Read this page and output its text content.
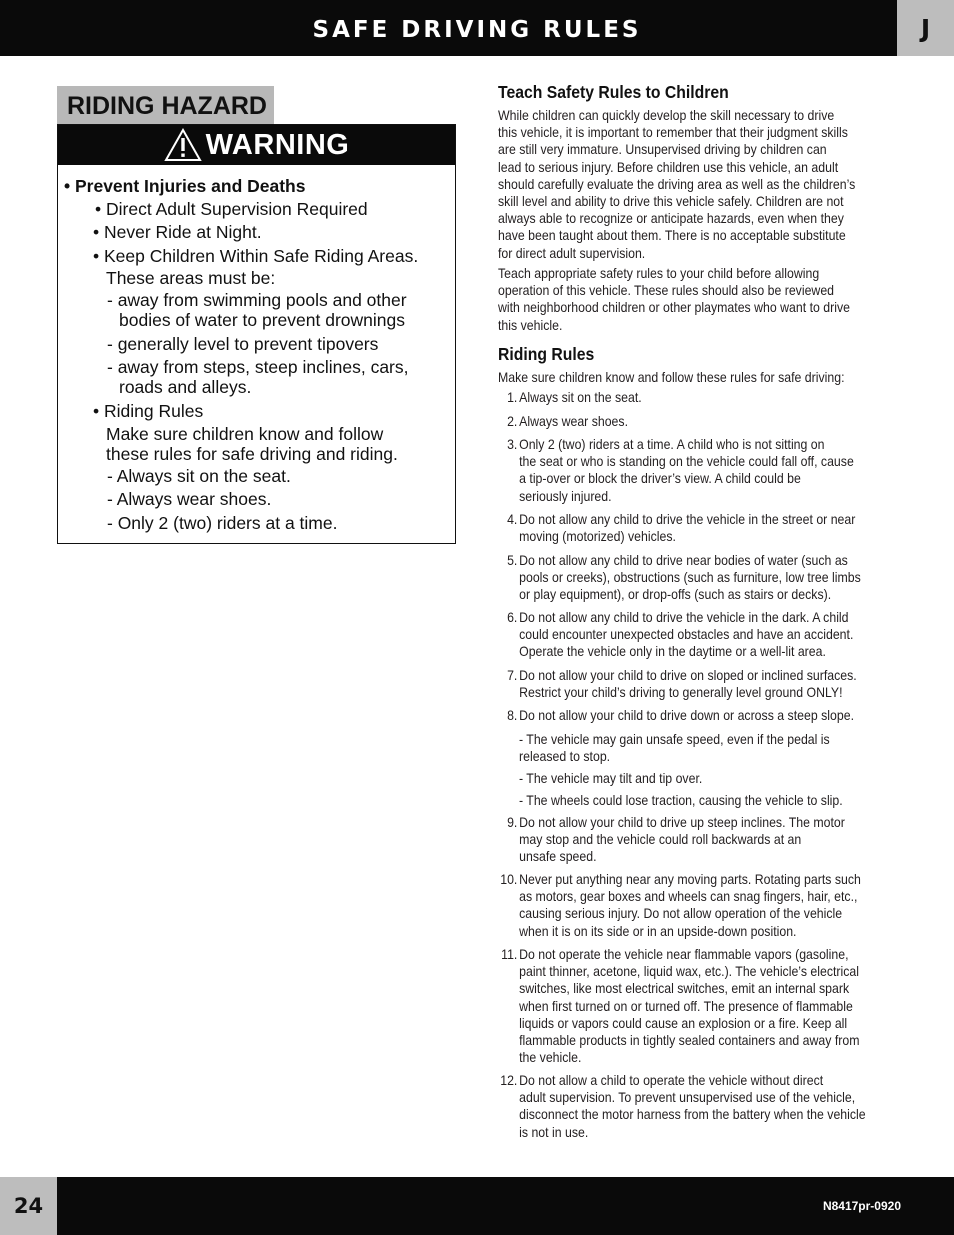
SAFE DRIVING RULES	J
RIDING HAZARD
WARNING
• Prevent Injuries and Deaths
• Direct Adult Supervision Required
• Never Ride at Night.
• Keep Children Within Safe Riding Areas.
These areas must be:
- away from swimming pools and other
bodies of water to prevent drownings
- generally level to prevent tipovers
- away from steps, steep inclines, cars,
roads and alleys.
• Riding Rules
Make sure children know and follow
these rules for safe driving and riding.
- Always sit on the seat.
- Always wear shoes.
- Only 2 (two) riders at a time.
Teach Safety Rules to Children
While children can quickly develop the skill necessary to drive
this vehicle, it is important to remember that their judgment skills
are still very immature. Unsupervised driving by children can
lead to serious injury. Before children use this vehicle, an adult
should carefully evaluate the driving area as well as the children’s
skill level and ability to drive this vehicle safely. Children are not
always able to recognize or anticipate hazards, even when they
have been taught about them. There is no acceptable substitute
for direct adult supervision.
Teach appropriate safety rules to your child before allowing
operation of this vehicle. These rules should also be reviewed
with neighborhood children or other playmates who want to drive
this vehicle.
Riding Rules
Make sure children know and follow these rules for safe driving:
1. Always sit on the seat.
2. Always wear shoes.
3. Only 2 (two) riders at a time. A child who is not sitting on
the seat or who is standing on the vehicle could fall off, cause
a tip-over or block the driver’s view. A child could be
seriously injured.
4. Do not allow any child to drive the vehicle in the street or near
moving (motorized) vehicles.
5. Do not allow any child to drive near bodies of water (such as
pools or creeks), obstructions (such as furniture, low tree limbs
or play equipment), or drop-offs (such as stairs or decks).
6. Do not allow any child to drive the vehicle in the dark. A child
could encounter unexpected obstacles and have an accident.
Operate the vehicle only in the daytime or a well-lit area.
7. Do not allow your child to drive on sloped or inclined surfaces.
Restrict your child’s driving to generally level ground ONLY!
8. Do not allow your child to drive down or across a steep slope.
- The vehicle may gain unsafe speed, even if the pedal is
released to stop.
- The vehicle may tilt and tip over.
- The wheels could lose traction, causing the vehicle to slip.
9. Do not allow your child to drive up steep inclines. The motor
may stop and the vehicle could roll backwards at an
unsafe speed.
10. Never put anything near any moving parts. Rotating parts such
as motors, gear boxes and wheels can snag fingers, hair, etc.,
causing serious injury. Do not allow operation of the vehicle
when it is on its side or in an upside-down position.
11. Do not operate the vehicle near flammable vapors (gasoline,
paint thinner, acetone, liquid wax, etc.). The vehicle’s electrical
switches, like most electrical switches, emit an internal spark
when first turned on or turned off. The presence of flammable
liquids or vapors could cause an explosion or a fire. Keep all
flammable products in tightly sealed containers and away from
the vehicle.
12. Do not allow a child to operate the vehicle without direct
adult supervision. To prevent unsupervised use of the vehicle,
disconnect the motor harness from the battery when the vehicle
is not in use.
24	N8417pr-0920
